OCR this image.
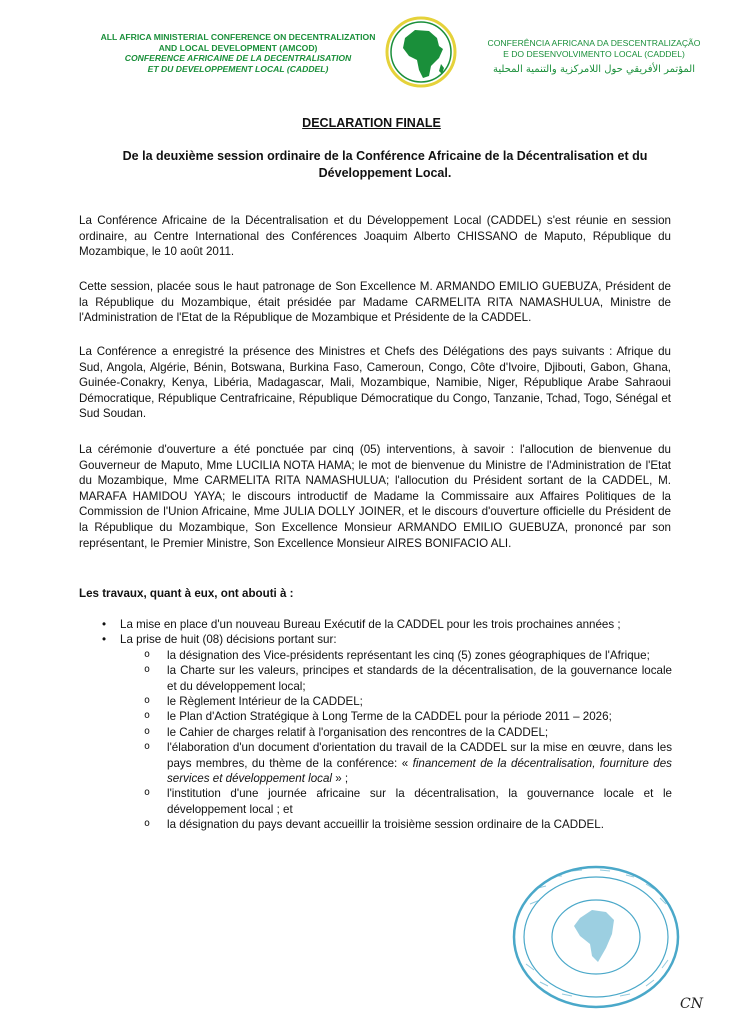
ALL AFRICA MINISTERIAL CONFERENCE ON DECENTRALIZATION
AND LOCAL DEVELOPMENT (AMCOD)
CONFERENCE AFRICAINE DE LA DECENTRALISATION
ET DU DEVELOPPEMENT LOCAL (CADDEL)
CONFERÊNCIA AFRICANA DA DESCENTRALIZAÇÃO
E DO DESENVOLVIMENTO LOCAL (CADDEL)
المؤتمر الأفريقي حول اللامركزية والتنمية المحلية
DECLARATION FINALE
De la deuxième session ordinaire de la Conférence Africaine de la Décentralisation et du Développement Local.

La Conférence Africaine de la Décentralisation et du Développement Local (CADDEL) s'est réunie en session ordinaire, au Centre International des Conférences Joaquim Alberto CHISSANO de Maputo, République du Mozambique, le 10 août 2011.

Cette session, placée sous le haut patronage de Son Excellence M. ARMANDO EMILIO GUEBUZA, Président de la République du Mozambique, était présidée par Madame CARMELITA RITA NAMASHULUA, Ministre de l'Administration de l'Etat de la République de Mozambique et Présidente de la CADDEL.

La Conférence a enregistré la présence des Ministres et Chefs des Délégations des pays suivants : Afrique du Sud, Angola, Algérie, Bénin, Botswana, Burkina Faso, Cameroun, Congo, Côte d'Ivoire, Djibouti, Gabon, Ghana, Guinée-Conakry, Kenya, Libéria, Madagascar, Mali, Mozambique, Namibie, Niger, République Arabe Sahraoui Démocratique, République Centrafricaine, République Démocratique du Congo, Tanzanie, Tchad, Togo, Sénégal et Sud Soudan.

La cérémonie d'ouverture a été ponctuée par cinq (05) interventions, à savoir : l'allocution de bienvenue du Gouverneur de Maputo, Mme LUCILIA NOTA HAMA; le mot de bienvenue du Ministre de l'Administration de l'Etat du Mozambique, Mme CARMELITA RITA NAMASHULUA; l'allocution du Président sortant de la CADDEL, M. MARAFA HAMIDOU YAYA; le discours introductif de Madame la Commissaire aux Affaires Politiques de la Commission de l'Union Africaine, Mme JULIA DOLLY JOINER, et le discours d'ouverture officielle du Président de la République du Mozambique, Son Excellence Monsieur ARMANDO EMILIO GUEBUZA, prononcé par son représentant, le Premier Ministre, Son Excellence Monsieur AIRES BONIFACIO ALI.

Les travaux, quant à eux, ont abouti à :
• La mise en place d'un nouveau Bureau Exécutif de la CADDEL pour les trois prochaines années ;
• La prise de huit (08) décisions portant sur:
o la désignation des Vice-présidents représentant les cinq (5) zones géographiques de l'Afrique;
o la Charte sur les valeurs, principes et standards de la décentralisation, de la gouvernance locale et du développement local;
o le Règlement Intérieur de la CADDEL;
o le Plan d'Action Stratégique à Long Terme de la CADDEL pour la période 2011 – 2026;
o le Cahier de charges relatif à l'organisation des rencontres de la CADDEL;
o l'élaboration d'un document d'orientation du travail de la CADDEL sur la mise en œuvre, dans les pays membres, du thème de la conférence: « financement de la décentralisation, fourniture des services et développement local » ;
o l'institution d'une journée africaine sur la décentralisation, la gouvernance locale et le développement local ; et
o la désignation du pays devant accueillir la troisième session ordinaire de la CADDEL.
CN
